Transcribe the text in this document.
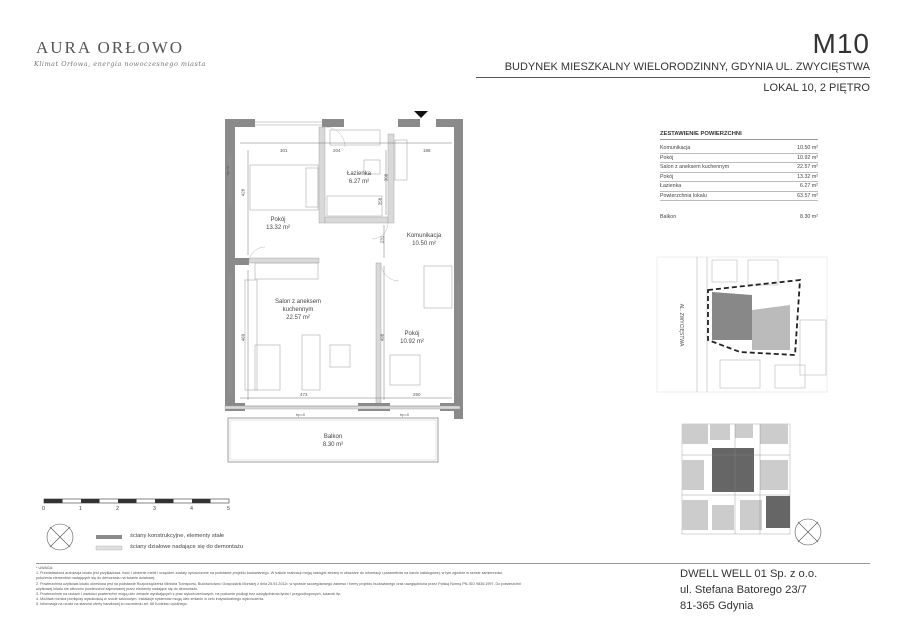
AURA ORŁOWO
Klimat Orłowa, energia nowoczesnego miasta
M10
BUDYNEK MIESZKALNY WIELORODZINNY, GDYNIA UL. ZWYCIĘSTWA
LOKAL 10, 2 PIĘTRO
AL. ZWYCIĘSTWA
301	204	188
428
308
358
231
469	498
473	250
hp=0
hp=0	hp=0
Łazienka
6.27 m²
Pokój
13.32 m²
Komunikacja
10.50 m²
Salon z aneksem kuchennym
22.57 m²
Pokój
10.92 m²
Balkon
8.30 m²
0	1	2	3	4	5
ZESTAWIENIE POWIERZCHNI
Komunikacja	10.50 m²
Pokój	10.92 m²
Salon z aneksem kuchennym	22.57 m²
Pokój	13.32 m²
Łazienka	6.27 m²
Powierzchnia lokalu	63.57 m²
Balkon	8.30 m²
ściany konstrukcyjne, elementy stałe
ściany działowe nadające się do demontażu
* UWAGA:
1. Przedstawiona aranżacja lokalu jest przykładowa. Ilość i ułożenie mebli i urządzeń zostały uproszczone na podstawie projektu budowlanego. W trakcie realizacji mogą nastąpić zmiany w obszarze do informacji i parametrów na karcie katalogowej, w tym zgodnie w sensie zamienności,
położenia elementów nadających się do demontażu na ścianie działowej.
2. Powierzchnia użytkowa lokalu określona jest na podstawie Rozporządzenia Ministra Transportu, Budownictwa i Gospodarki Morskiej z dnia 25.04.2012r. w sprawie szczegółowego zakresu i formy projektu budowlanego oraz uwzględniona przez Polską Normę PN-ISO 9836:1997. Do powierzchni
użytkowej lokalu nie wliczono powierzchni zajmowanej przez elementy nadające się do demontażu.
3. Powierzchnie na rzutach i wartości powierzchni mogą ulec zmianie wynikających z prac wykończeniowych, na poziomie podłogi bez uwzględnienia tynku i przypodłogowych, ścianek itp.
4. Możliwa różnica pomiędzy wysokością w rzucie szkicowym. Instalacje systemów mogą ulec zmianie w celu indywidualnego wykończenia.
5. Informacja na rzucie na stanowi oferty handlowej w rozumieniu art. 66 Kodeksu cywilnego.
DWELL WELL 01 Sp. z o.o.
ul. Stefana Batorego 23/7
81-365 Gdynia
